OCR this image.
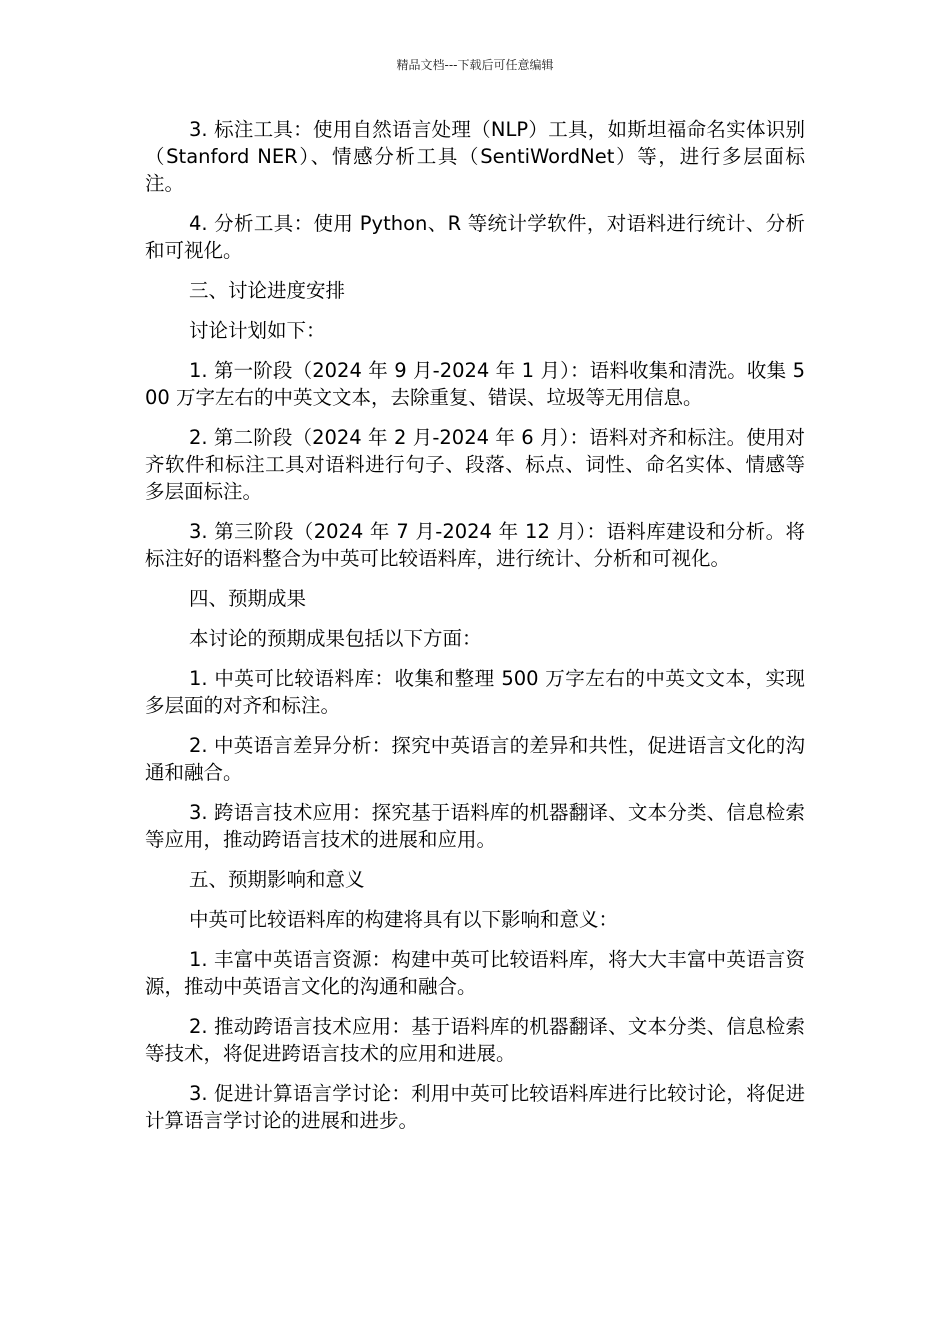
精品文档---下载后可任意编辑

3. 标注工具：使用自然语言处理（NLP）工具，如斯坦福命名实体识别（Stanford NER）、情感分析工具（SentiWordNet）等，进行多层面标注。

4. 分析工具：使用 Python、R 等统计学软件，对语料进行统计、分析和可视化。

三、讨论进度安排

讨论计划如下：

1. 第一阶段（2024 年 9 月-2024 年 1 月）：语料收集和清洗。收集 500 万字左右的中英文文本，去除重复、错误、垃圾等无用信息。

2. 第二阶段（2024 年 2 月-2024 年 6 月）：语料对齐和标注。使用对齐软件和标注工具对语料进行句子、段落、标点、词性、命名实体、情感等多层面标注。

3. 第三阶段（2024 年 7 月-2024 年 12 月）：语料库建设和分析。将标注好的语料整合为中英可比较语料库，进行统计、分析和可视化。

四、预期成果

本讨论的预期成果包括以下方面：

1. 中英可比较语料库：收集和整理 500 万字左右的中英文文本，实现多层面的对齐和标注。

2. 中英语言差异分析：探究中英语言的差异和共性，促进语言文化的沟通和融合。

3. 跨语言技术应用：探究基于语料库的机器翻译、文本分类、信息检索等应用，推动跨语言技术的进展和应用。

五、预期影响和意义

中英可比较语料库的构建将具有以下影响和意义：

1. 丰富中英语言资源：构建中英可比较语料库，将大大丰富中英语言资源，推动中英语言文化的沟通和融合。

2. 推动跨语言技术应用：基于语料库的机器翻译、文本分类、信息检索等技术，将促进跨语言技术的应用和进展。

3. 促进计算语言学讨论：利用中英可比较语料库进行比较讨论，将促进计算语言学讨论的进展和进步。
